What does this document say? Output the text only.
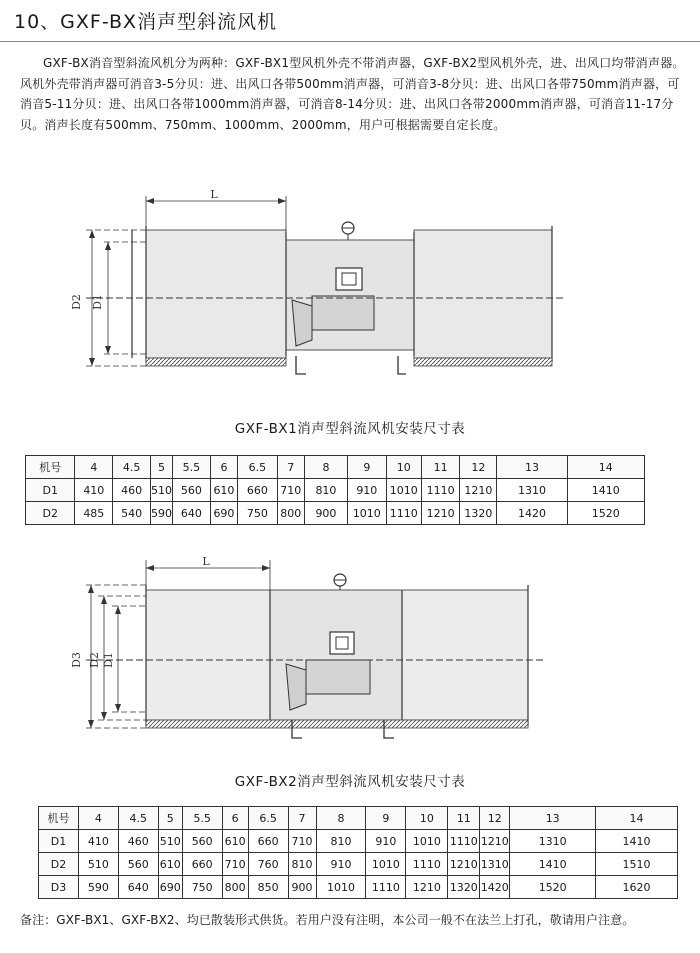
10、GXF-BX消声型斜流风机

GXF-BX消音型斜流风机分为两种：GXF-BX1型风机外壳不带消声器，GXF-BX2型风机外壳，进、出风口均带消声器。风机外壳带消声器可消音3-5分贝：进、出风口各带500mm消声器，可消音3-8分贝：进、出风口各带750mm消声器，可消音5-11分贝：进、出风口各带1000mm消声器，可消音8-14分贝：进、出风口各带2000mm消声器，可消音11-17分贝。消声长度有500mm、750mm、1000mm、2000mm，用户可根据需要自定长度。

L
D2 D1
GXF-BX1消声型斜流风机安装尺寸表
机号	4	4.5	5	5.5	6	6.5	7	8	9	10	11	12	13	14
D1	410	460	510	560	610	660	710	810	910	1010	1110	1210	1310	1410
D2	485	540	590	640	690	750	800	900	1010	1110	1210	1320	1420	1520
L
D3 D2 D1
GXF-BX2消声型斜流风机安装尺寸表
机号	4	4.5	5	5.5	6	6.5	7	8	9	10	11	12	13	14
D1	410	460	510	560	610	660	710	810	910	1010	1110	1210	1310	1410
D2	510	560	610	660	710	760	810	910	1010	1110	1210	1310	1410	1510
D3	590	640	690	750	800	850	900	1010	1110	1210	1320	1420	1520	1620
备注：GXF-BX1、GXF-BX2、均已散装形式供货。若用户没有注明，本公司一般不在法兰上打孔，敬请用户注意。
